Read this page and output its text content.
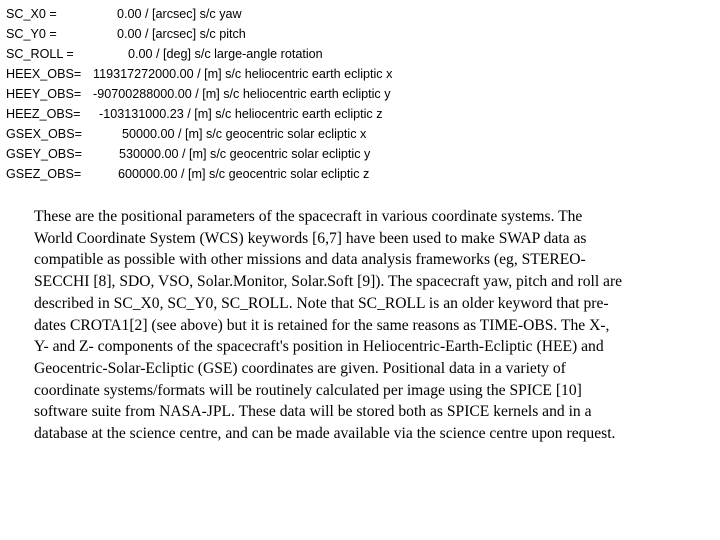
SC_X0 =	0.00 / [arcsec] s/c yaw
SC_Y0 =	0.00 / [arcsec] s/c pitch
SC_ROLL =	0.00 / [deg] s/c large-angle rotation
HEEX_OBS= 119317272000.00 / [m] s/c heliocentric earth ecliptic x
HEEY_OBS= -90700288000.00 / [m] s/c heliocentric earth ecliptic y
HEEZ_OBS= -103131000.23 / [m] s/c heliocentric earth ecliptic z
GSEX_OBS=	50000.00 / [m] s/c geocentric solar ecliptic x
GSEY_OBS=	530000.00 / [m] s/c geocentric solar ecliptic y
GSEZ_OBS=	600000.00 / [m] s/c geocentric solar ecliptic z

These are the positional parameters of the spacecraft in various coordinate systems. The
World Coordinate System (WCS) keywords [6,7] have been used to make SWAP data as
compatible as possible with other missions and data analysis frameworks (eg, STEREO-
SECCHI [8], SDO, VSO, Solar.Monitor, Solar.Soft [9]). The spacecraft yaw, pitch and roll are
described in SC_X0, SC_Y0, SC_ROLL. Note that SC_ROLL is an older keyword that pre-
dates CROTA1[2] (see above) but it is retained for the same reasons as TIME-OBS. The X-,
Y- and Z- components of the spacecraft's position in Heliocentric-Earth-Ecliptic (HEE) and
Geocentric-Solar-Ecliptic (GSE) coordinates are given. Positional data in a variety of
coordinate systems/formats will be routinely calculated per image using the SPICE [10]
software suite from NASA-JPL. These data will be stored both as SPICE kernels and in a
database at the science centre, and can be made available via the science centre upon request.
